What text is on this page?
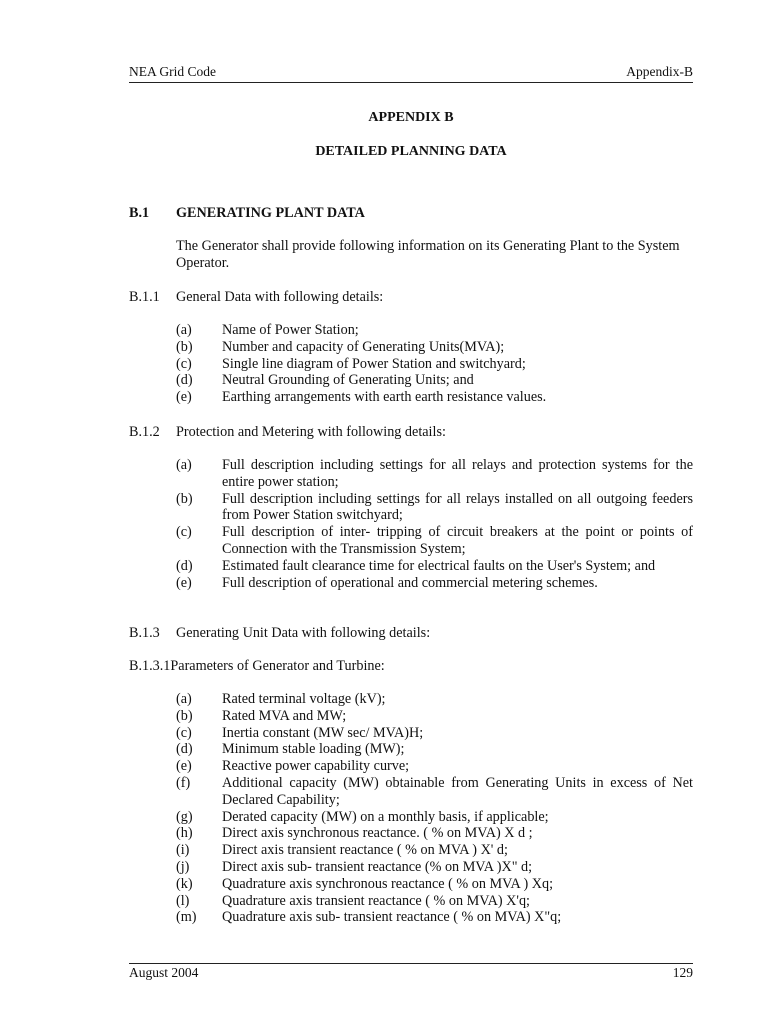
NEA Grid Code	Appendix-B
APPENDIX B
DETAILED PLANNING DATA
B.1 GENERATING PLANT DATA

The Generator shall provide following information on its Generating Plant to the System Operator.

B.1.1 General Data with following details:

(a)	Name of Power Station;
(b)	Number and capacity of Generating Units(MVA);
(c)	Single line diagram of Power Station and switchyard;
(d)	Neutral Grounding of Generating Units; and
(e)	Earthing arrangements with earth earth resistance values.

B.1.2 Protection and Metering with following details:

(a)	Full description including settings for all relays and protection systems for the entire power station;
(b)	Full description including settings for all relays installed on all outgoing feeders from Power Station switchyard;
(c)	Full description of inter- tripping of circuit breakers at the point or points of Connection with the Transmission System;
(d)	Estimated fault clearance time for electrical faults on the User's System; and
(e)	Full description of operational and commercial metering schemes.

B.1.3 Generating Unit Data with following details:

B.1.3.1Parameters of Generator and Turbine:

(a)	Rated terminal voltage (kV);
(b)	Rated MVA and MW;
(c)	Inertia constant (MW sec/ MVA)H;
(d)	Minimum stable loading (MW);
(e)	Reactive power capability curve;
(f)	Additional capacity (MW) obtainable from Generating Units in excess of Net Declared Capability;
(g)	Derated capacity (MW) on a monthly basis, if applicable;
(h)	Direct axis synchronous reactance. ( % on MVA) X d ;
(i)	Direct axis transient reactance ( % on MVA ) X' d;
(j)	Direct axis sub- transient reactance (% on MVA )X" d;
(k)	Quadrature axis synchronous reactance ( % on MVA ) Xq;
(l)	Quadrature axis transient reactance ( % on MVA) X'q;
(m)	Quadrature axis sub- transient reactance ( % on MVA) X"q;
August 2004	129
